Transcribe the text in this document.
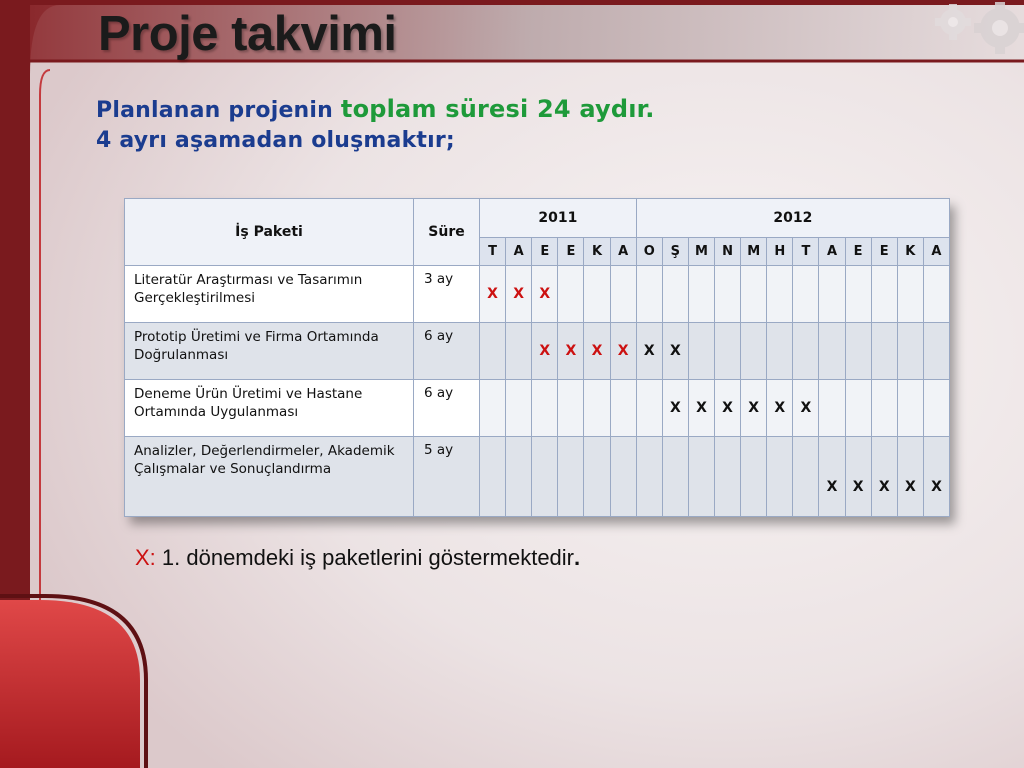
Proje takvimi
Planlanan projenin toplam süresi 24 aydır.
4 ayrı aşamadan oluşmaktır;
İş Paketi	Süre	2011						2012											
		T	A	E	E	K	A	O	Ş	M	N	M	H	T	A	E	E	K	A
Literatür Araştırması ve Tasarımın Gerçekleştirilmesi	3 ay	X	X	X															
Prototip Üretimi ve Firma Ortamında Doğrulanması	6 ay			X	X	X	X	X	X										
Deneme Ürün Üretimi ve Hastane Ortamında Uygulanması	6 ay								X	X	X	X	X	X					
Analizler, Değerlendirmeler, Akademik Çalışmalar ve Sonuçlandırma	5 ay														X	X	X	X	X
X: 1. dönemdeki iş paketlerini göstermektedir.
